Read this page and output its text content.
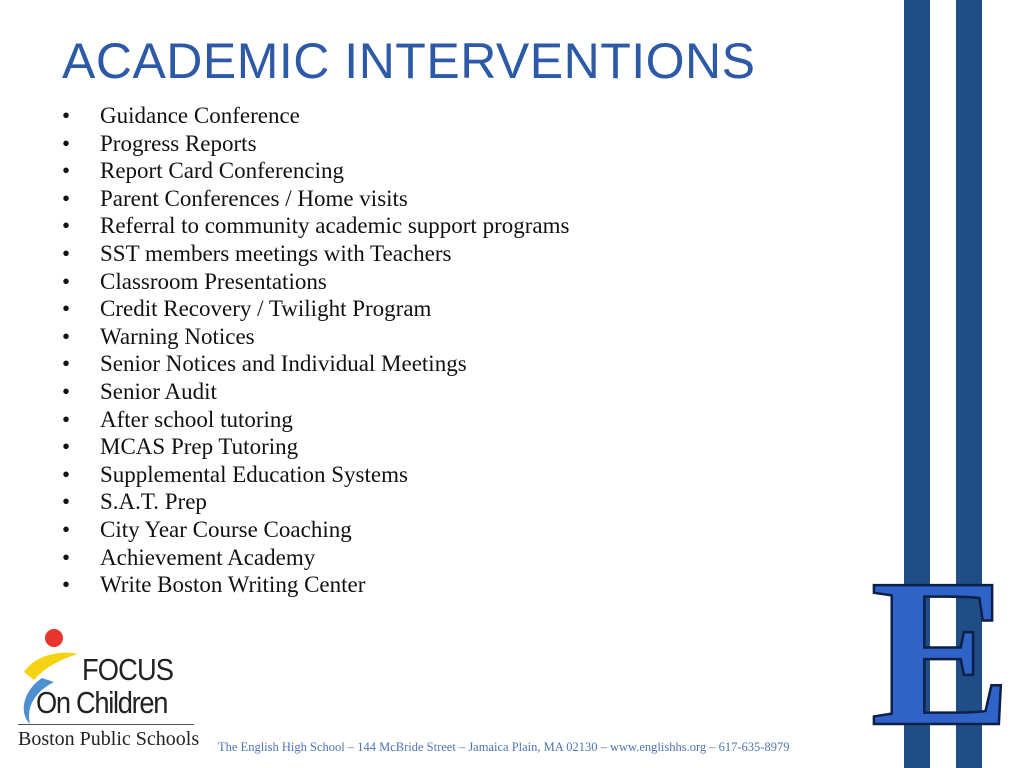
ACADEMIC INTERVENTIONS
•	Guidance Conference
•	Progress Reports
•	Report Card Conferencing
•	Parent Conferences / Home visits
•	Referral to community academic support programs
•	SST members meetings with Teachers
•	Classroom Presentations
•	Credit Recovery / Twilight Program
•	Warning Notices
•	Senior Notices and Individual Meetings
•	Senior Audit
•	After school tutoring
•	MCAS Prep Tutoring
•	Supplemental Education Systems
•	S.A.T. Prep
•	City Year Course Coaching
•	Achievement Academy
•	Write Boston Writing Center E
FOCUS
On Children
Boston Public Schools The English High School – 144 McBride Street – Jamaica Plain, MA 02130 – www.englishhs.org – 617-635-8979
